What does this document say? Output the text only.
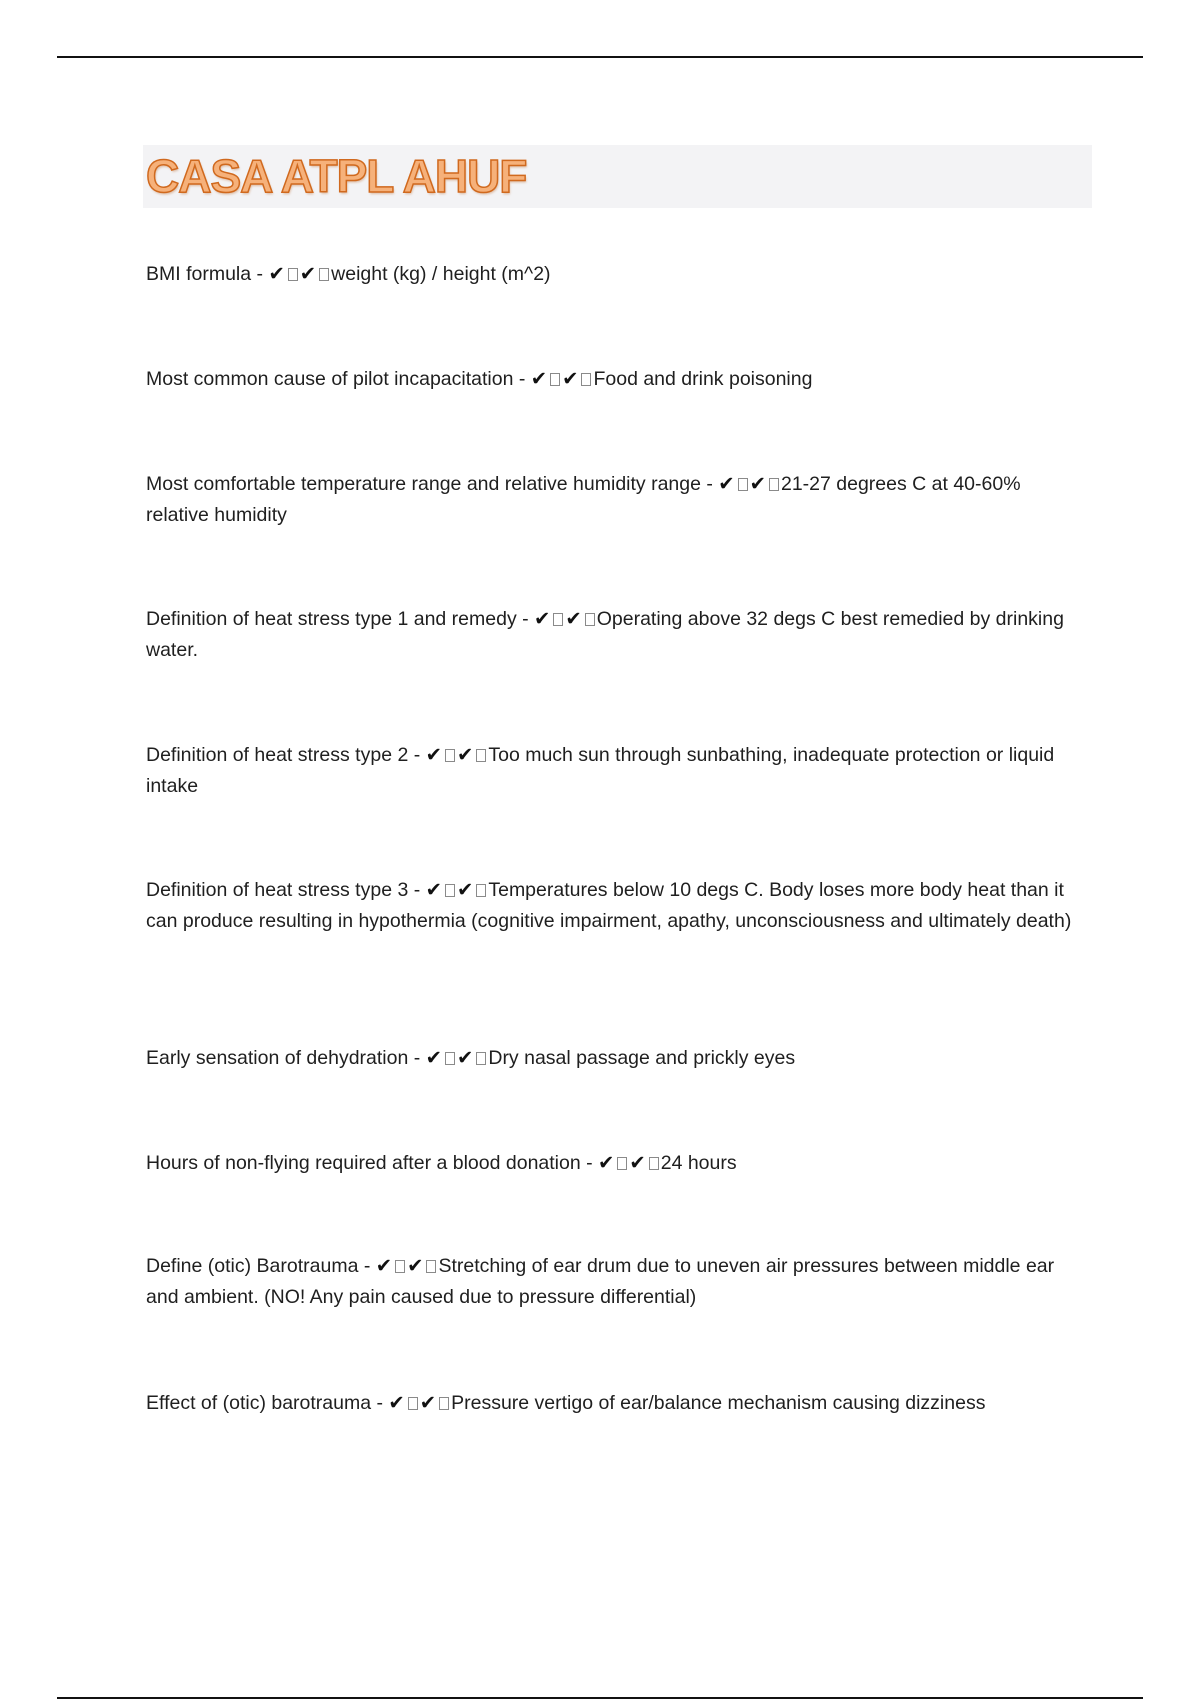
CASA ATPL AHUF
BMI formula - ✔ ✔ weight (kg) / height (m^2)
Most common cause of pilot incapacitation - ✔ ✔ Food and drink poisoning
Most comfortable temperature range and relative humidity range - ✔ ✔ 21-27 degrees C at 40-60% relative humidity
Definition of heat stress type 1 and remedy - ✔ ✔ Operating above 32 degs C best remedied by drinking water.
Definition of heat stress type 2 - ✔ ✔ Too much sun through sunbathing, inadequate protection or liquid intake
Definition of heat stress type 3 - ✔ ✔ Temperatures below 10 degs C. Body loses more body heat than it can produce resulting in hypothermia (cognitive impairment, apathy, unconsciousness and ultimately death)
Early sensation of dehydration - ✔ ✔ Dry nasal passage and prickly eyes
Hours of non-flying required after a blood donation - ✔ ✔ 24 hours
Define (otic) Barotrauma - ✔ ✔ Stretching of ear drum due to uneven air pressures between middle ear and ambient. (NO! Any pain caused due to pressure differential)
Effect of (otic) barotrauma - ✔ ✔ Pressure vertigo of ear/balance mechanism causing dizziness
